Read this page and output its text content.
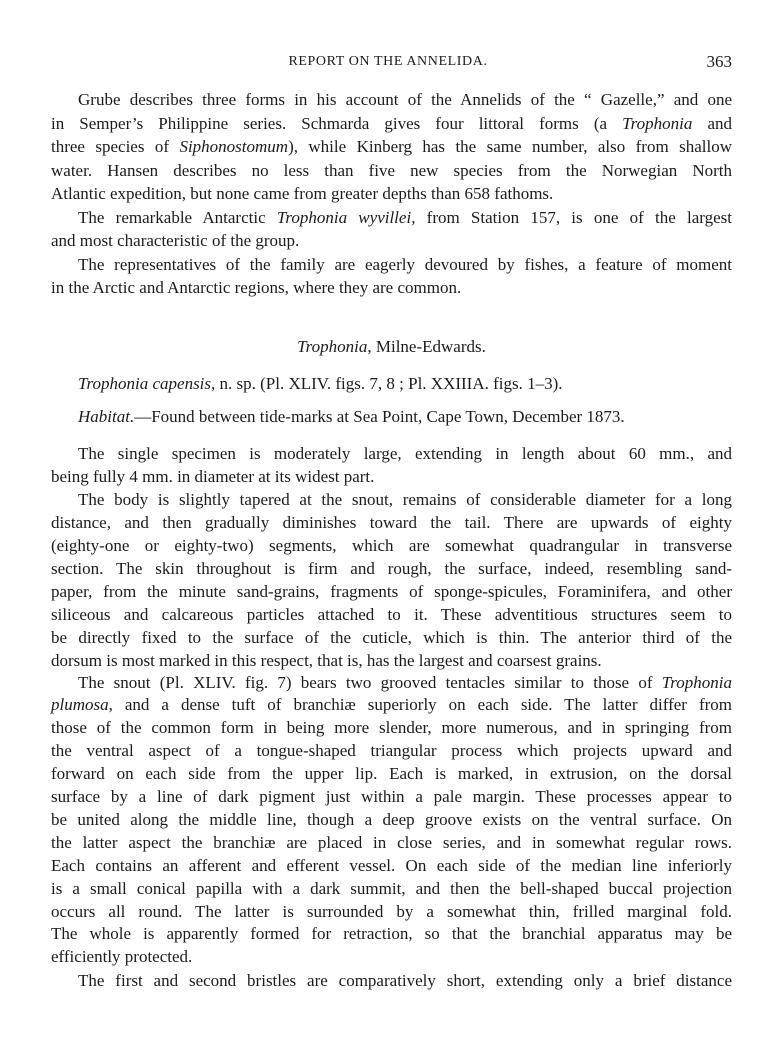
REPORT ON THE ANNELIDA.	363
Grube describes three forms in his account of the Annelids of the “ Gazelle,” and one
in Semper’s Philippine series. Schmarda gives four littoral forms (a Trophonia and
three species of Siphonostomum), while Kinberg has the same number, also from shallow
water. Hansen describes no less than five new species from the Norwegian North
Atlantic expedition, but none came from greater depths than 658 fathoms.
The remarkable Antarctic Trophonia wyvillei, from Station 157, is one of the largest
and most characteristic of the group.
The representatives of the family are eagerly devoured by fishes, a feature of moment
in the Arctic and Antarctic regions, where they are common.
Trophonia, Milne-Edwards.
Trophonia capensis, n. sp. (Pl. XLIV. figs. 7, 8 ; Pl. XXIIIA. figs. 1–3).
Habitat.—Found between tide-marks at Sea Point, Cape Town, December 1873.
The single specimen is moderately large, extending in length about 60 mm., and
being fully 4 mm. in diameter at its widest part.
The body is slightly tapered at the snout, remains of considerable diameter for a long
distance, and then gradually diminishes toward the tail. There are upwards of eighty
(eighty-one or eighty-two) segments, which are somewhat quadrangular in transverse
section. The skin throughout is firm and rough, the surface, indeed, resembling sand-
paper, from the minute sand-grains, fragments of sponge-spicules, Foraminifera, and other
siliceous and calcareous particles attached to it. These adventitious structures seem to
be directly fixed to the surface of the cuticle, which is thin. The anterior third of the
dorsum is most marked in this respect, that is, has the largest and coarsest grains.
The snout (Pl. XLIV. fig. 7) bears two grooved tentacles similar to those of Trophonia
plumosa, and a dense tuft of branchiæ superiorly on each side. The latter differ from
those of the common form in being more slender, more numerous, and in springing from
the ventral aspect of a tongue-shaped triangular process which projects upward and
forward on each side from the upper lip. Each is marked, in extrusion, on the dorsal
surface by a line of dark pigment just within a pale margin. These processes appear to
be united along the middle line, though a deep groove exists on the ventral surface. On
the latter aspect the branchiæ are placed in close series, and in somewhat regular rows.
Each contains an afferent and efferent vessel. On each side of the median line inferiorly
is a small conical papilla with a dark summit, and then the bell-shaped buccal projection
occurs all round. The latter is surrounded by a somewhat thin, frilled marginal fold.
The whole is apparently formed for retraction, so that the branchial apparatus may be
efficiently protected.
The first and second bristles are comparatively short, extending only a brief distance
